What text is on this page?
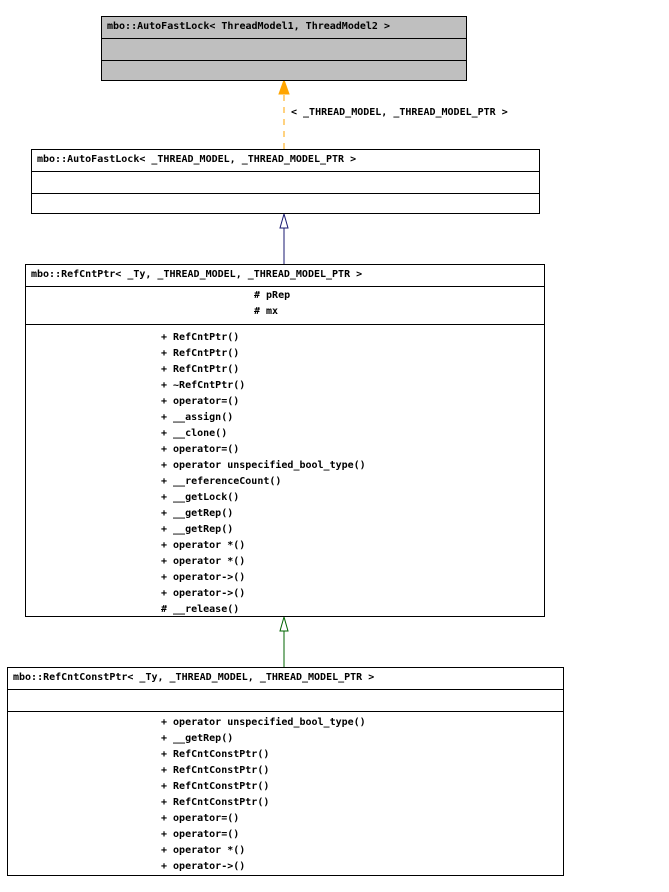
< _THREAD_MODEL, _THREAD_MODEL_PTR >
mbo::AutoFastLock< ThreadModel1, ThreadModel2 >
mbo::AutoFastLock< _THREAD_MODEL, _THREAD_MODEL_PTR >
mbo::RefCntPtr< _Ty, _THREAD_MODEL, _THREAD_MODEL_PTR >
# pRep
# mx
+ RefCntPtr()
+ RefCntPtr()
+ RefCntPtr()
+ ~RefCntPtr()
+ operator=()
+ __assign()
+ __clone()
+ operator=()
+ operator unspecified_bool_type()
+ __referenceCount()
+ __getLock()
+ __getRep()
+ __getRep()
+ operator *()
+ operator *()
+ operator->()
+ operator->()
# __release()
mbo::RefCntConstPtr< _Ty, _THREAD_MODEL, _THREAD_MODEL_PTR >
+ operator unspecified_bool_type()
+ __getRep()
+ RefCntConstPtr()
+ RefCntConstPtr()
+ RefCntConstPtr()
+ RefCntConstPtr()
+ operator=()
+ operator=()
+ operator *()
+ operator->()
